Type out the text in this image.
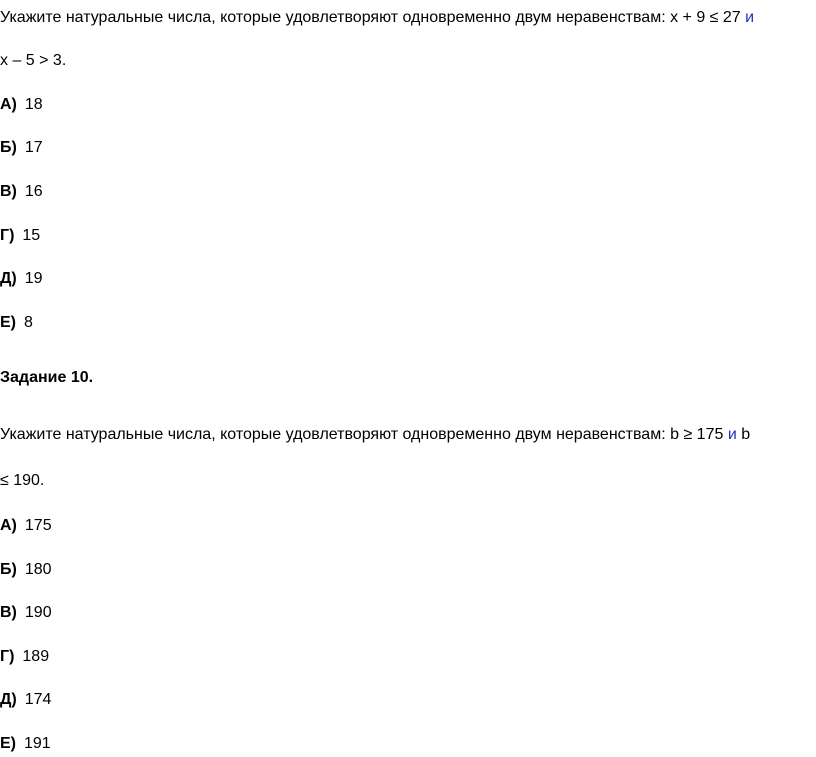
Укажите натуральные числа, которые удовлетворяют одновременно двум неравенствам: x + 9 ≤ 27 и
x – 5 > 3.
А) 18
Б) 17
В) 16
Г) 15
Д) 19
Е) 8
Задание 10.
Укажите натуральные числа, которые удовлетворяют одновременно двум неравенствам: b ≥ 175 и b
≤ 190.
А) 175
Б) 180
В) 190
Г) 189
Д) 174
Е) 191
